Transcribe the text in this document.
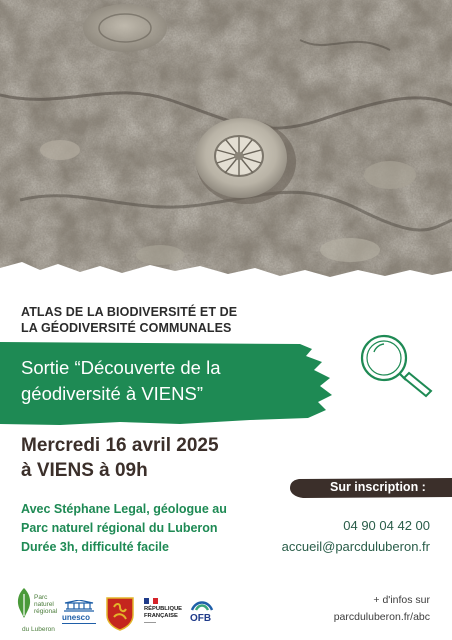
ATLAS DE LA BIODIVERSITÉ ET DE
LA GÉODIVERSITÉ COMMUNALES
Sortie “Découverte de la
géodiversité à VIENS”
Mercredi 16 avril 2025
à VIENS à 09h
Avec Stéphane Legal, géologue au
Parc naturel régional du Luberon
Durée 3h, difficulté facile
Sur inscription :
04 90 04 42 00
accueil@parcduluberon.fr
+ d'infos sur
parcduluberon.fr/abc
Parc
naturel
régional
du Luberon
unesco
RÉPUBLIQUE
FRANÇAISE	OFB
